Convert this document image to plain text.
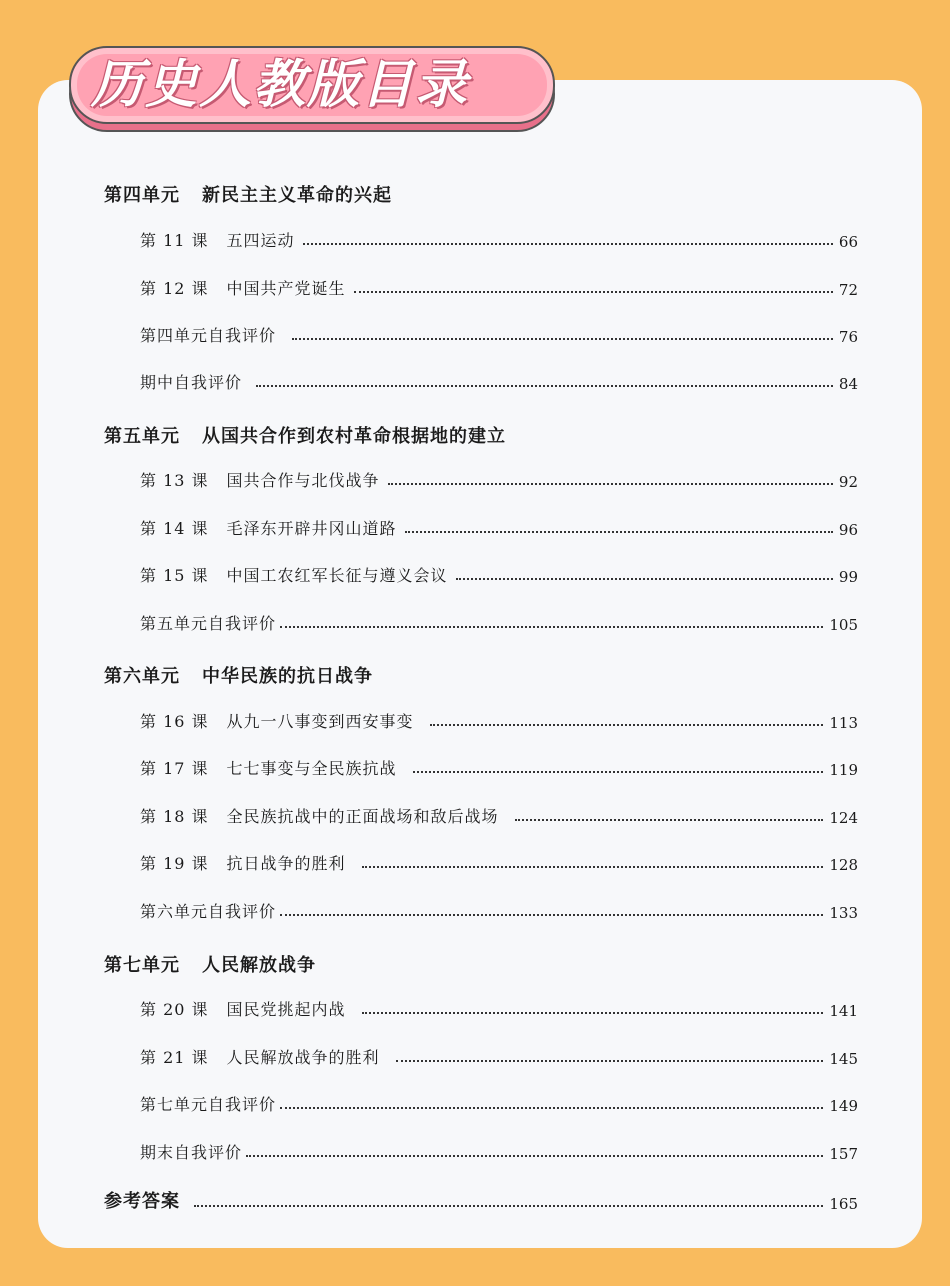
历史人教版目录
第四单元 新民主主义革命的兴起
第 11 课 五四运动	66
第 12 课 中国共产党诞生	72
第四单元自我评价	76
期中自我评价	84
第五单元 从国共合作到农村革命根据地的建立
第 13 课 国共合作与北伐战争	92
第 14 课 毛泽东开辟井冈山道路	96
第 15 课 中国工农红军长征与遵义会议	99
第五单元自我评价	105
第六单元 中华民族的抗日战争
第 16 课 从九一八事变到西安事变	113
第 17 课 七七事变与全民族抗战	119
第 18 课 全民族抗战中的正面战场和敌后战场	124
第 19 课 抗日战争的胜利	128
第六单元自我评价	133
第七单元 人民解放战争
第 20 课 国民党挑起内战	141
第 21 课 人民解放战争的胜利	145
第七单元自我评价	149
期末自我评价	157
参考答案	165
